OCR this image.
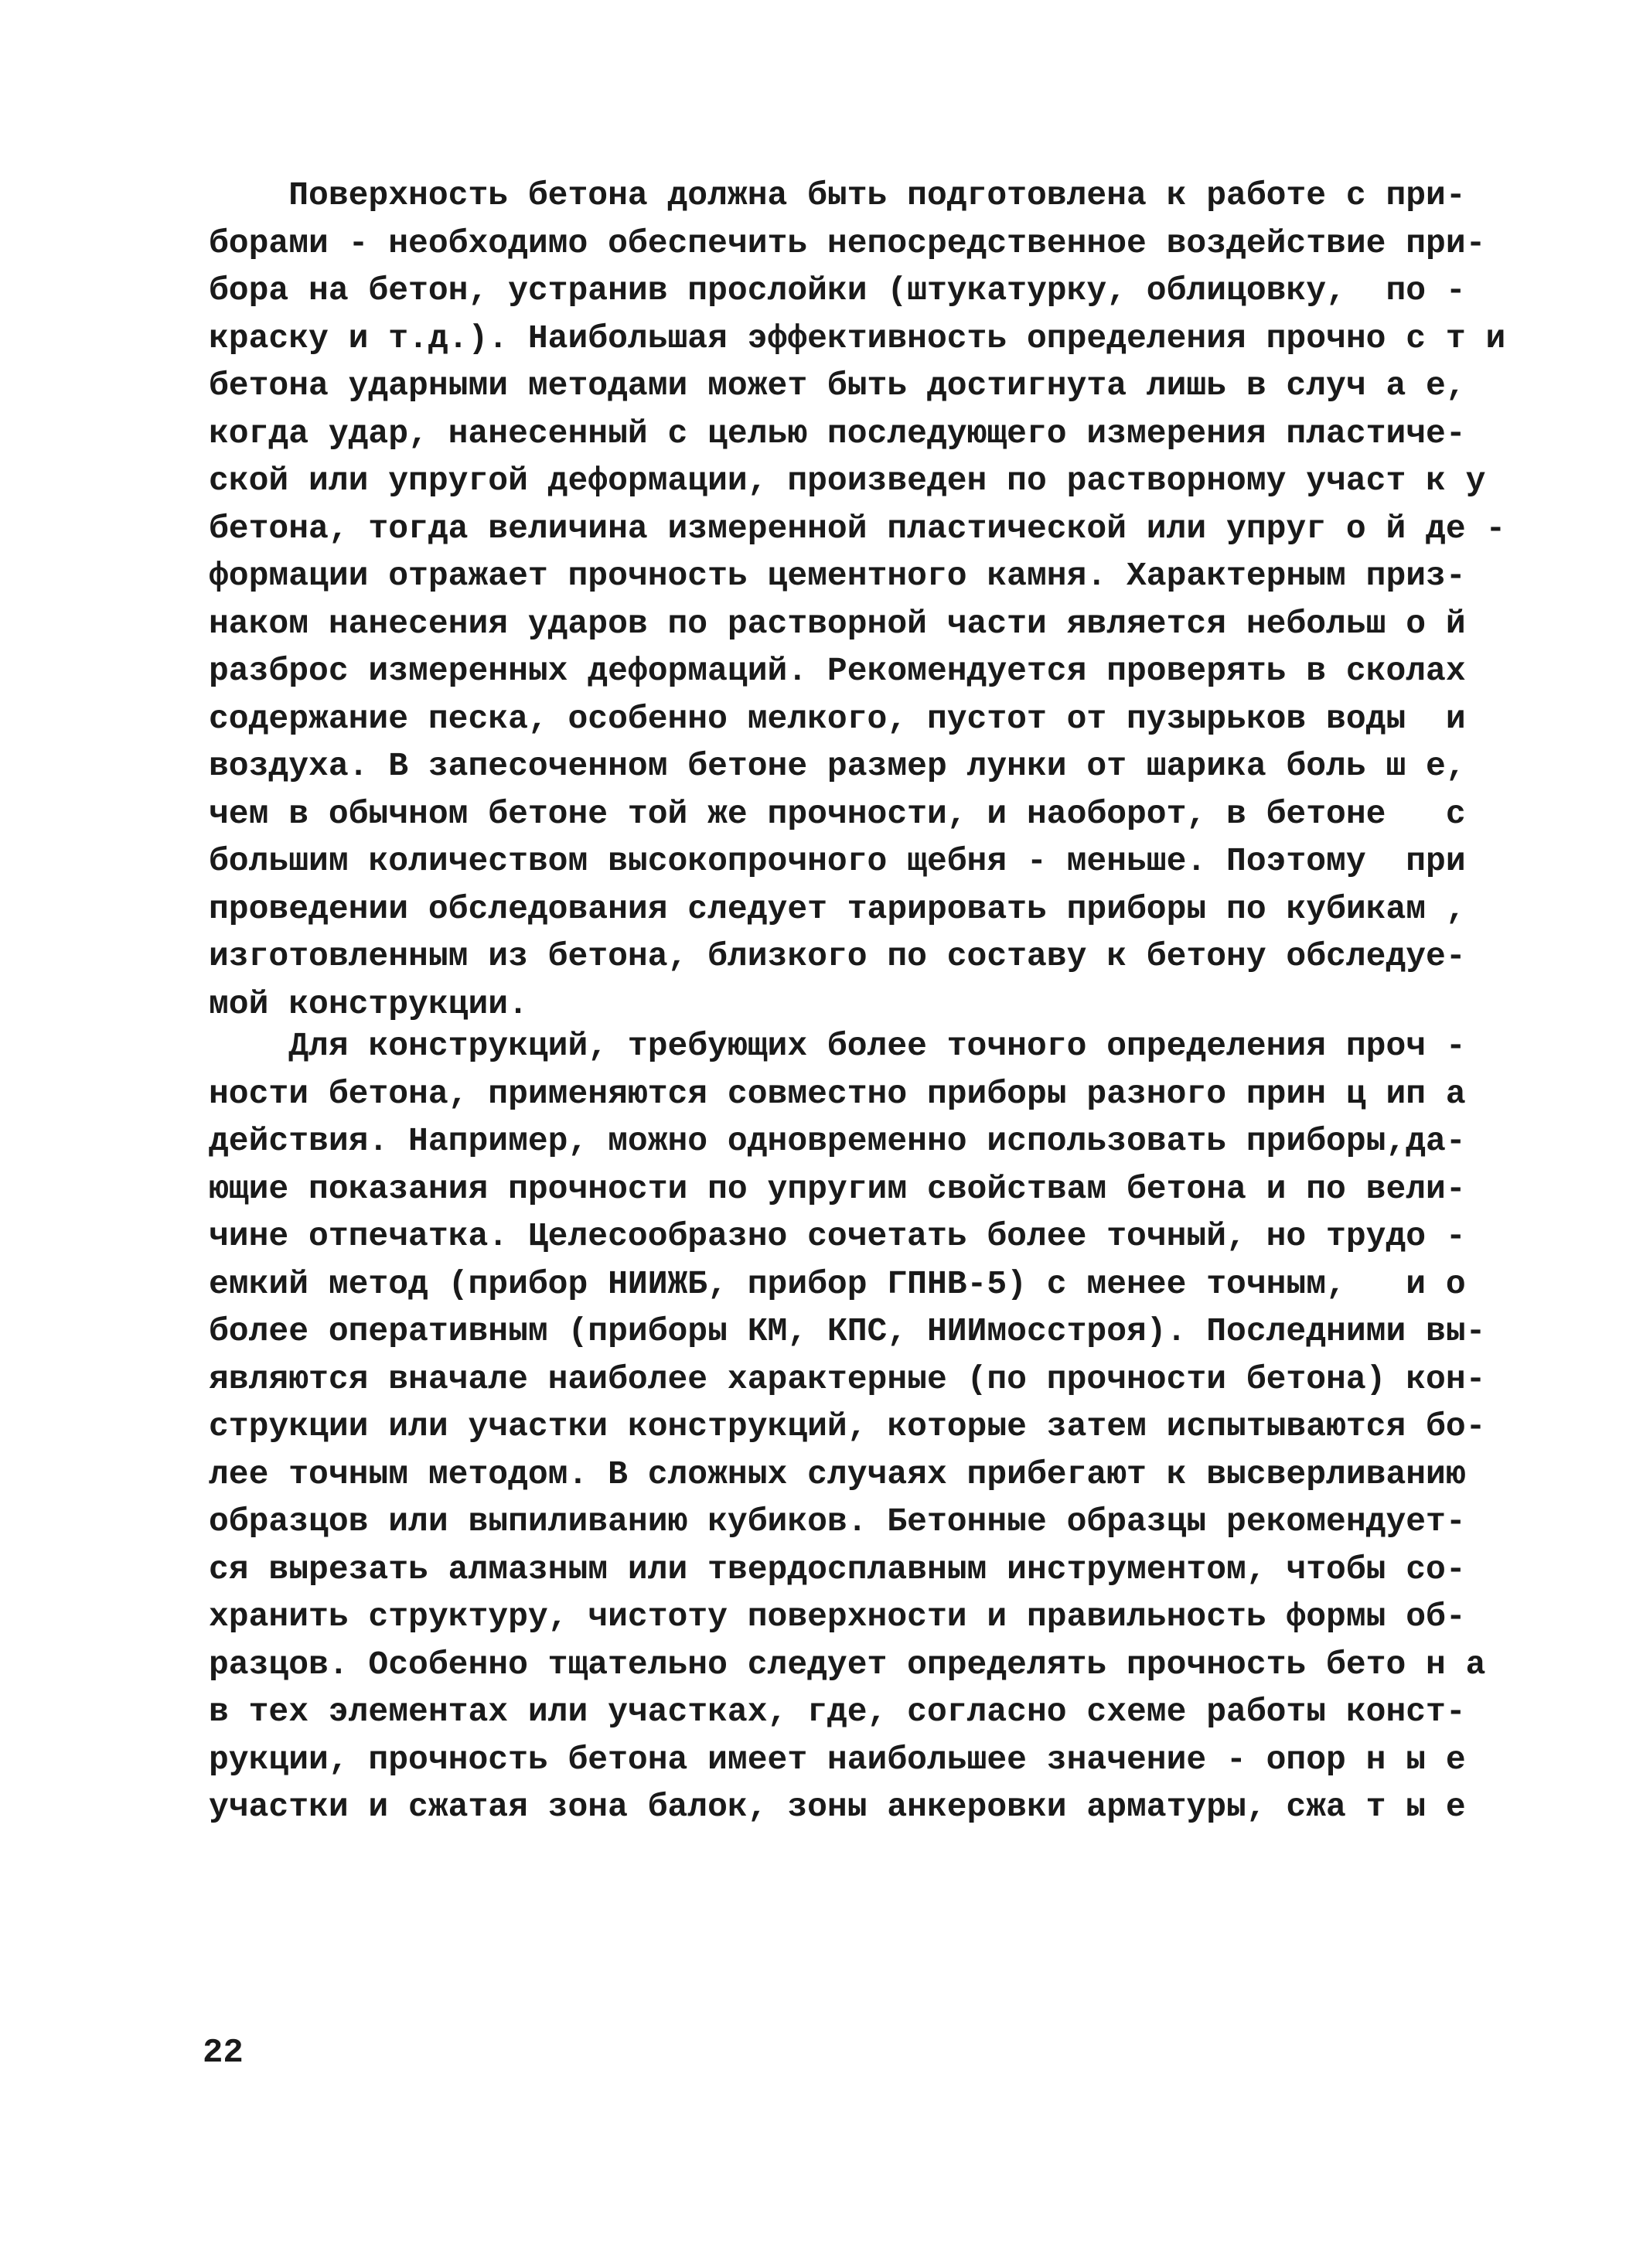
Поверхность бетона должна быть подготовлена к работе с при-
борами - необходимо обеспечить непосредственное воздействие при-
бора на бетон, устранив прослойки (штукатурку, облицовку,  по -
краску и т.д.). Наибольшая эффективность определения прочно с т и
бетона ударными методами может быть достигнута лишь в случ а е,
когда удар, нанесенный с целью последующего измерения пластиче-
ской или упругой деформации, произведен по растворному участ к у
бетона, тогда величина измеренной пластической или упруг о й де -
формации отражает прочность цементного камня. Характерным приз-
наком нанесения ударов по растворной части является небольш о й
разброс измеренных деформаций. Рекомендуется проверять в сколах
содержание песка, особенно мелкого, пустот от пузырьков воды  и
воздуха. В запесоченном бетоне размер лунки от шарика боль ш е,
чем в обычном бетоне той же прочности, и наоборот, в бетоне   с
большим количеством высокопрочного щебня - меньше. Поэтому  при
проведении обследования следует тарировать приборы по кубикам ,
изготовленным из бетона, близкого по составу к бетону обследуе-
мой конструкции.
Для конструкций, требующих более точного определения проч -
ности бетона, применяются совместно приборы разного прин ц ип а
действия. Например, можно одновременно использовать приборы,да-
ющие показания прочности по упругим свойствам бетона и по вели-
чине отпечатка. Целесообразно сочетать более точный, но трудо -
емкий метод (прибор НИИЖБ, прибор ГПНВ-5) с менее точным,   и о
более оперативным (приборы КМ, КПС, НИИмосстроя). Последними вы-
являются вначале наиболее характерные (по прочности бетона) кон-
струкции или участки конструкций, которые затем испытываются бо-
лее точным методом. В сложных случаях прибегают к высверливанию
образцов или выпиливанию кубиков. Бетонные образцы рекомендует-
ся вырезать алмазным или твердосплавным инструментом, чтобы со-
хранить структуру, чистоту поверхности и правильность формы об-
разцов. Особенно тщательно следует определять прочность бето н а
в тех элементах или участках, где, согласно схеме работы конст-
рукции, прочность бетона имеет наибольшее значение - опор н ы е
участки и сжатая зона балок, зоны анкеровки арматуры, сжа т ы е
22
